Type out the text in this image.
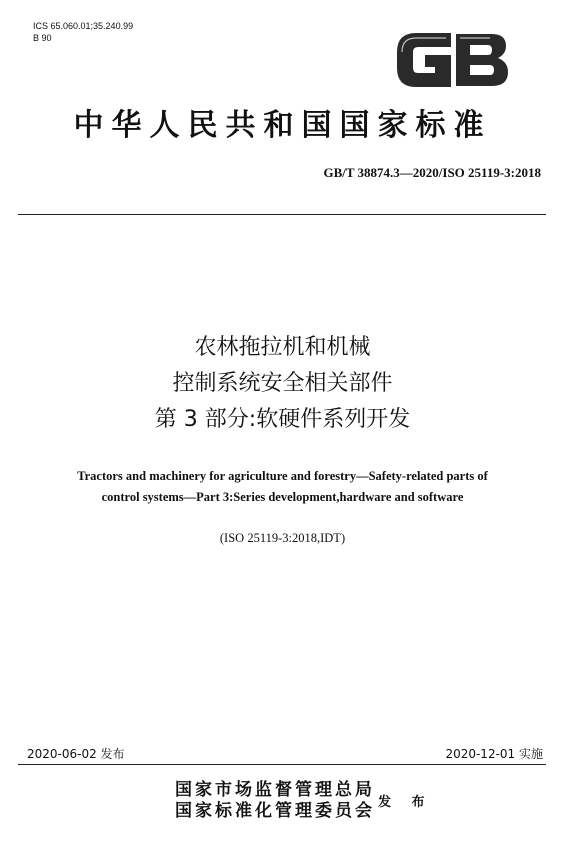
ICS 65.060.01;35.240.99
B 90
中华人民共和国国家标准
GB/T 38874.3—2020/ISO 25119-3:2018
农林拖拉机和机械
控制系统安全相关部件
第 3 部分:软硬件系列开发
Tractors and machinery for agriculture and forestry—Safety-related parts of
control systems—Part 3:Series development,hardware and software
(ISO 25119-3:2018,IDT)
2020-06-02 发布	2020-12-01 实施
国家市场监督管理总局
国家标准化管理委员会 发 布
